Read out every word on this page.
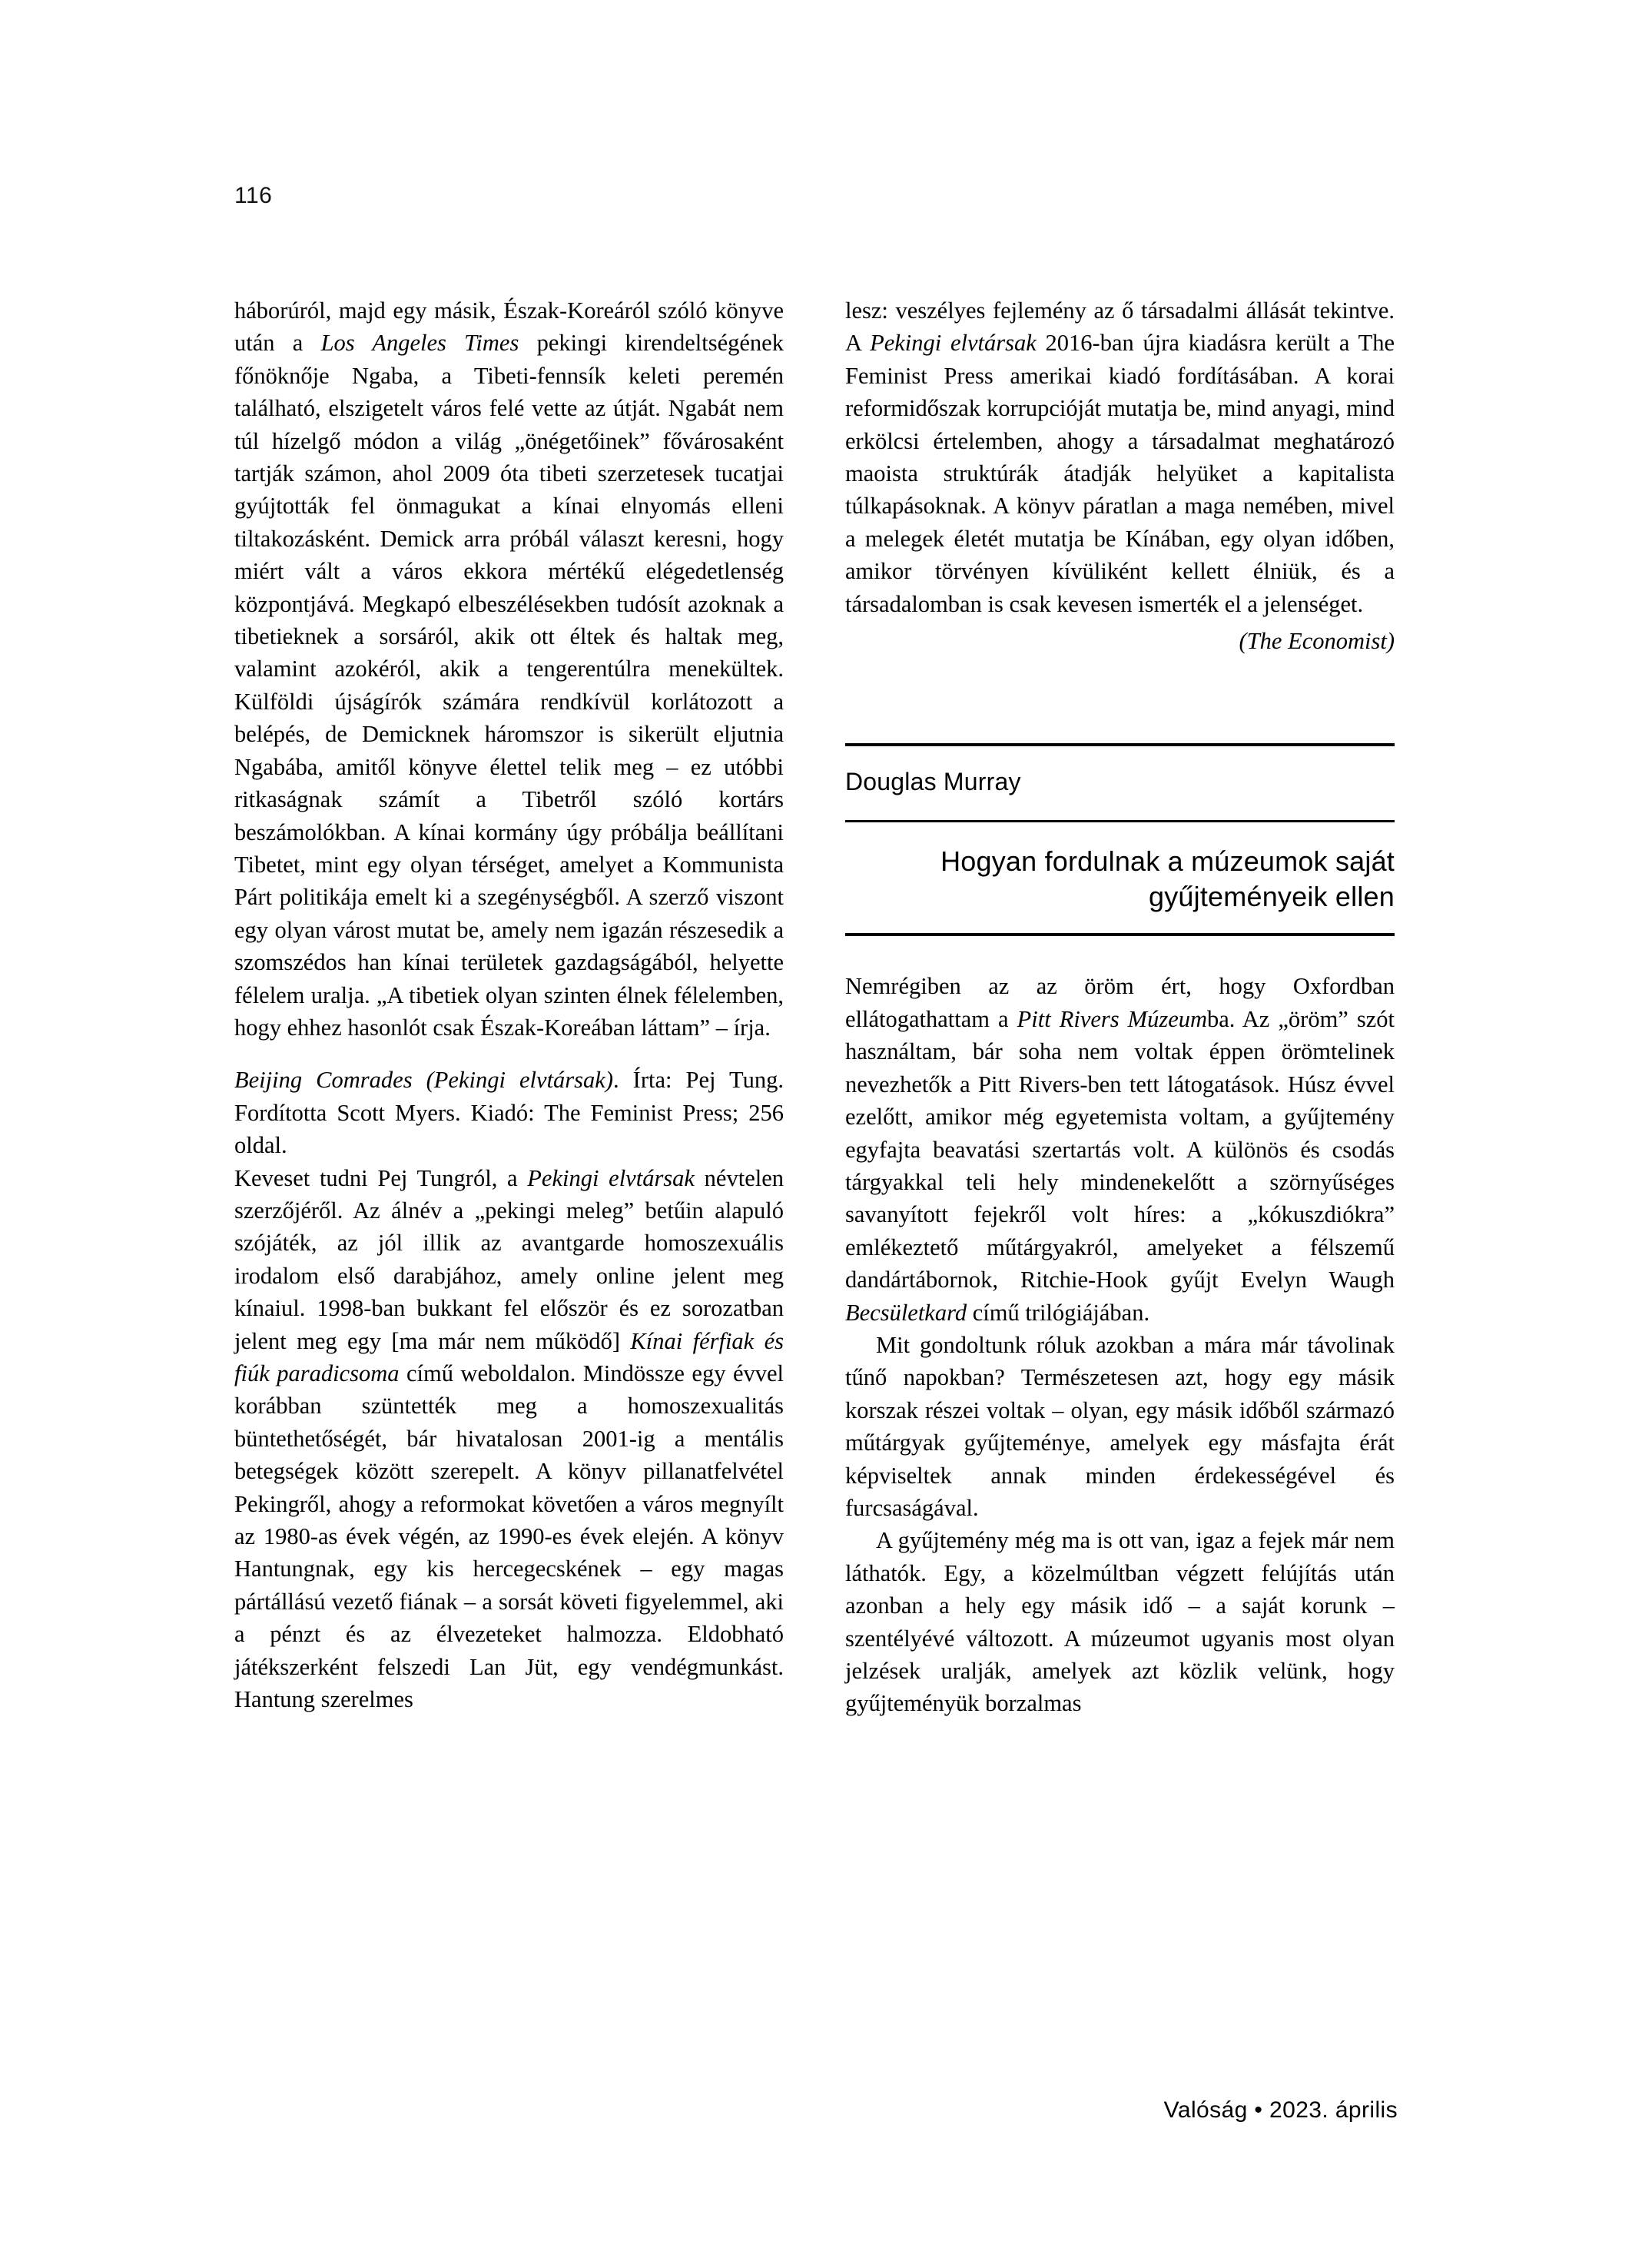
116

háborúról, majd egy másik, Észak-Koreáról szóló könyve után a Los Angeles Times pekingi kirendeltségének főnöknője Ngaba, a Tibeti-fennsík keleti peremén található, elszigetelt város felé vette az útját. Ngabát nem túl hízelgő módon a világ „önégetőinek” fővárosaként tartják számon, ahol 2009 óta tibeti szerzetesek tucatjai gyújtották fel önmagukat a kínai elnyomás elleni tiltakozásként. Demick arra próbál választ keresni, hogy miért vált a város ekkora mértékű elégedetlenség központjává. Megkapó elbeszélésekben tudósít azoknak a tibetieknek a sorsáról, akik ott éltek és haltak meg, valamint azokéról, akik a tengerentúlra menekültek. Külföldi újságírók számára rendkívül korlátozott a belépés, de Demicknek háromszor is sikerült eljutnia Ngabába, amitől könyve élettel telik meg – ez utóbbi ritkaságnak számít a Tibetről szóló kortárs beszámolókban. A kínai kormány úgy próbálja beállítani Tibetet, mint egy olyan térséget, amelyet a Kommunista Párt politikája emelt ki a szegénységből. A szerző viszont egy olyan várost mutat be, amely nem igazán részesedik a szomszédos han kínai területek gazdagságából, helyette félelem uralja. „A tibetiek olyan szinten élnek félelemben, hogy ehhez hasonlót csak Észak-Koreában láttam” – írja.

Beijing Comrades (Pekingi elvtársak). Írta: Pej Tung. Fordította Scott Myers. Kiadó: The Feminist Press; 256 oldal.

Keveset tudni Pej Tungról, a Pekingi elvtársak névtelen szerzőjéről. Az álnév a „pekingi meleg” betűin alapuló szójáték, az jól illik az avantgarde homoszexuális irodalom első darabjához, amely online jelent meg kínaiul. 1998-ban bukkant fel először és ez sorozatban jelent meg egy [ma már nem működő] Kínai férfiak és fiúk paradicsoma című weboldalon. Mindössze egy évvel korábban szüntették meg a homoszexualitás büntethetőségét, bár hivatalosan 2001-ig a mentális betegségek között szerepelt. A könyv pillanatfelvétel Pekingről, ahogy a reformokat követően a város megnyílt az 1980-as évek végén, az 1990-es évek elején. A könyv Hantungnak, egy kis hercegecskének – egy magas pártállású vezető fiának – a sorsát követi figyelemmel, aki a pénzt és az élvezeteket halmozza. Eldobható játékszerként felszedi Lan Jüt, egy vendégmunkást. Hantung szerelmes

lesz: veszélyes fejlemény az ő társadalmi állását tekintve. A Pekingi elvtársak 2016-ban újra kiadásra került a The Feminist Press amerikai kiadó fordításában. A korai reformidőszak korrupcióját mutatja be, mind anyagi, mind erkölcsi értelemben, ahogy a társadalmat meghatározó maoista struktúrák átadják helyüket a kapitalista túlkapásoknak. A könyv páratlan a maga nemében, mivel a melegek életét mutatja be Kínában, egy olyan időben, amikor törvényen kívüliként kellett élniük, és a társadalomban is csak kevesen ismerték el a jelenséget.

(The Economist)
Douglas Murray
Hogyan fordulnak a múzeumok saját gyűjteményeik ellen

Nemrégiben az az öröm ért, hogy Oxfordban ellátogathattam a Pitt Rivers Múzeumba. Az „öröm” szót használtam, bár soha nem voltak éppen örömtelinek nevezhetők a Pitt Rivers-ben tett látogatások. Húsz évvel ezelőtt, amikor még egyetemista voltam, a gyűjtemény egyfajta beavatási szertartás volt. A különös és csodás tárgyakkal teli hely mindenekelőtt a szörnyűséges savanyított fejekről volt híres: a „kókuszdiókra” emlékeztető műtárgyakról, amelyeket a félszemű dandártábornok, Ritchie-Hook gyűjt Evelyn Waugh Becsületkard című trilógiájában.

Mit gondoltunk róluk azokban a mára már távolinak tűnő napokban? Természetesen azt, hogy egy másik korszak részei voltak – olyan, egy másik időből származó műtárgyak gyűjteménye, amelyek egy másfajta érát képviseltek annak minden érdekességével és furcsaságával.

A gyűjtemény még ma is ott van, igaz a fejek már nem láthatók. Egy, a közelmúltban végzett felújítás után azonban a hely egy másik idő – a saját korunk – szentélyévé változott. A múzeumot ugyanis most olyan jelzések uralják, amelyek azt közlik velünk, hogy gyűjteményük borzalmas

Valóság • 2023. április
